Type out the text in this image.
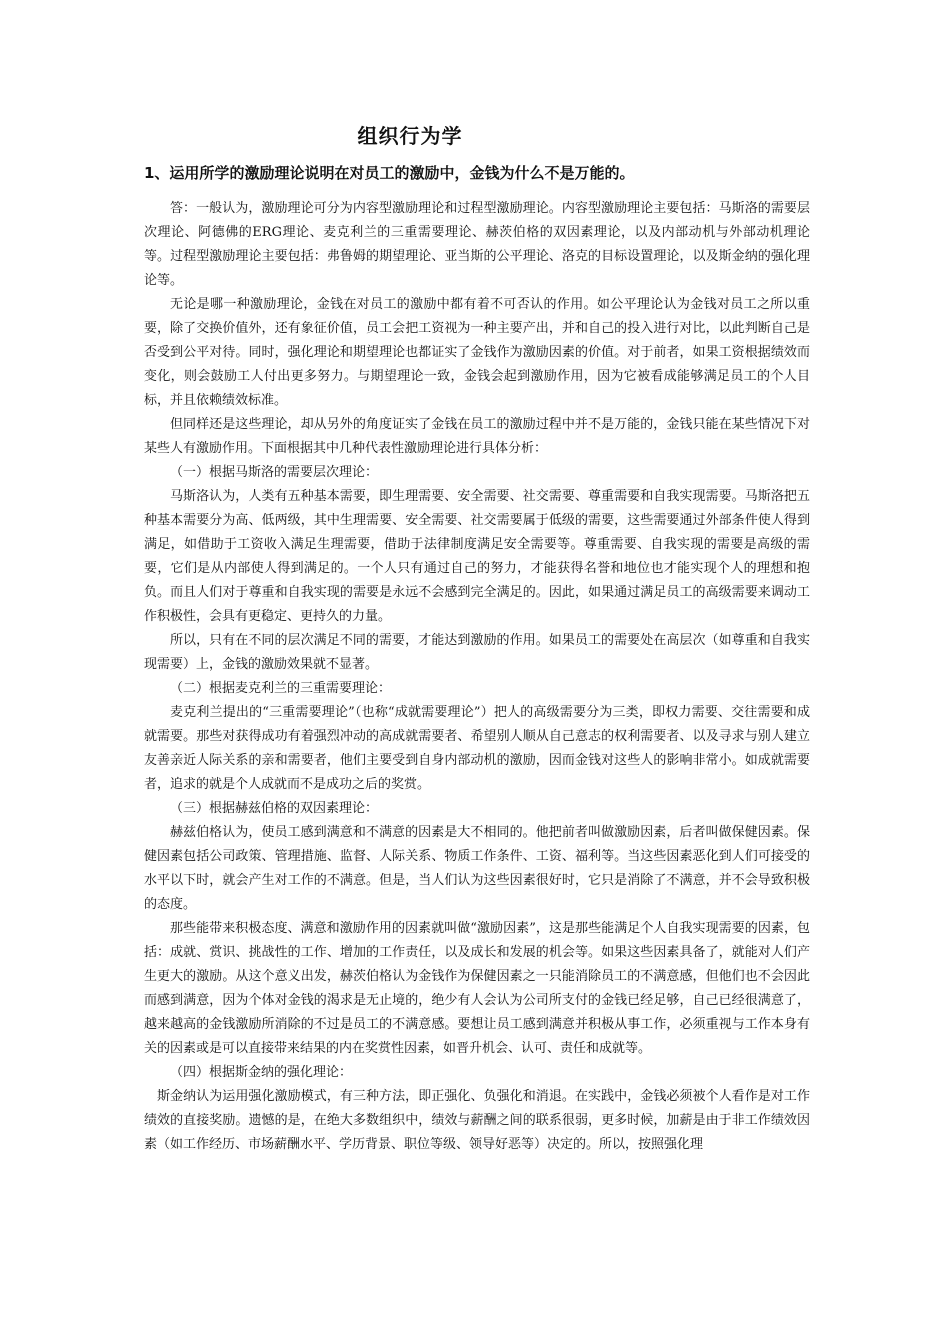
组织行为学
1、运用所学的激励理论说明在对员工的激励中，金钱为什么不是万能的。

答：一般认为，激励理论可分为内容型激励理论和过程型激励理论。内容型激励理论主要包括：马斯洛的需要层次理论、阿德佛的ERG理论、麦克利兰的三重需要理论、赫茨伯格的双因素理论，以及内部动机与外部动机理论等。过程型激励理论主要包括：弗鲁姆的期望理论、亚当斯的公平理论、洛克的目标设置理论，以及斯金纳的强化理论等。

无论是哪一种激励理论，金钱在对员工的激励中都有着不可否认的作用。如公平理论认为金钱对员工之所以重要，除了交换价值外，还有象征价值，员工会把工资视为一种主要产出，并和自己的投入进行对比，以此判断自己是否受到公平对待。同时，强化理论和期望理论也都证实了金钱作为激励因素的价值。对于前者，如果工资根据绩效而变化，则会鼓励工人付出更多努力。与期望理论一致，金钱会起到激励作用，因为它被看成能够满足员工的个人目标，并且依赖绩效标准。

但同样还是这些理论，却从另外的角度证实了金钱在员工的激励过程中并不是万能的，金钱只能在某些情况下对某些人有激励作用。下面根据其中几种代表性激励理论进行具体分析：

（一）根据马斯洛的需要层次理论：

马斯洛认为，人类有五种基本需要，即生理需要、安全需要、社交需要、尊重需要和自我实现需要。马斯洛把五种基本需要分为高、低两级，其中生理需要、安全需要、社交需要属于低级的需要，这些需要通过外部条件使人得到满足，如借助于工资收入满足生理需要，借助于法律制度满足安全需要等。尊重需要、自我实现的需要是高级的需要，它们是从内部使人得到满足的。一个人只有通过自己的努力，才能获得名誉和地位也才能实现个人的理想和抱负。而且人们对于尊重和自我实现的需要是永远不会感到完全满足的。因此，如果通过满足员工的高级需要来调动工作积极性，会具有更稳定、更持久的力量。

所以，只有在不同的层次满足不同的需要，才能达到激励的作用。如果员工的需要处在高层次（如尊重和自我实现需要）上，金钱的激励效果就不显著。

（二）根据麦克利兰的三重需要理论：

麦克利兰提出的“三重需要理论”（也称“成就需要理论”）把人的高级需要分为三类，即权力需要、交往需要和成就需要。那些对获得成功有着强烈冲动的高成就需要者、希望别人顺从自己意志的权利需要者、以及寻求与别人建立友善亲近人际关系的亲和需要者，他们主要受到自身内部动机的激励，因而金钱对这些人的影响非常小。如成就需要者，追求的就是个人成就而不是成功之后的奖赏。

（三）根据赫兹伯格的双因素理论：

赫兹伯格认为，使员工感到满意和不满意的因素是大不相同的。他把前者叫做激励因素，后者叫做保健因素。保健因素包括公司政策、管理措施、监督、人际关系、物质工作条件、工资、福利等。当这些因素恶化到人们可接受的水平以下时，就会产生对工作的不满意。但是，当人们认为这些因素很好时，它只是消除了不满意，并不会导致积极的态度。

那些能带来积极态度、满意和激励作用的因素就叫做“激励因素”，这是那些能满足个人自我实现需要的因素，包括：成就、赏识、挑战性的工作、增加的工作责任，以及成长和发展的机会等。如果这些因素具备了，就能对人们产生更大的激励。从这个意义出发，赫茨伯格认为金钱作为保健因素之一只能消除员工的不满意感，但他们也不会因此而感到满意，因为个体对金钱的渴求是无止境的，绝少有人会认为公司所支付的金钱已经足够，自己已经很满意了，越来越高的金钱激励所消除的不过是员工的不满意感。要想让员工感到满意并积极从事工作，必须重视与工作本身有关的因素或是可以直接带来结果的内在奖赏性因素，如晋升机会、认可、责任和成就等。

（四）根据斯金纳的强化理论：

斯金纳认为运用强化激励模式，有三种方法，即正强化、负强化和消退。在实践中，金钱必须被个人看作是对工作绩效的直接奖励。遗憾的是，在绝大多数组织中，绩效与薪酬之间的联系很弱，更多时候，加薪是由于非工作绩效因素（如工作经历、市场薪酬水平、学历背景、职位等级、领导好恶等）决定的。所以，按照强化理
